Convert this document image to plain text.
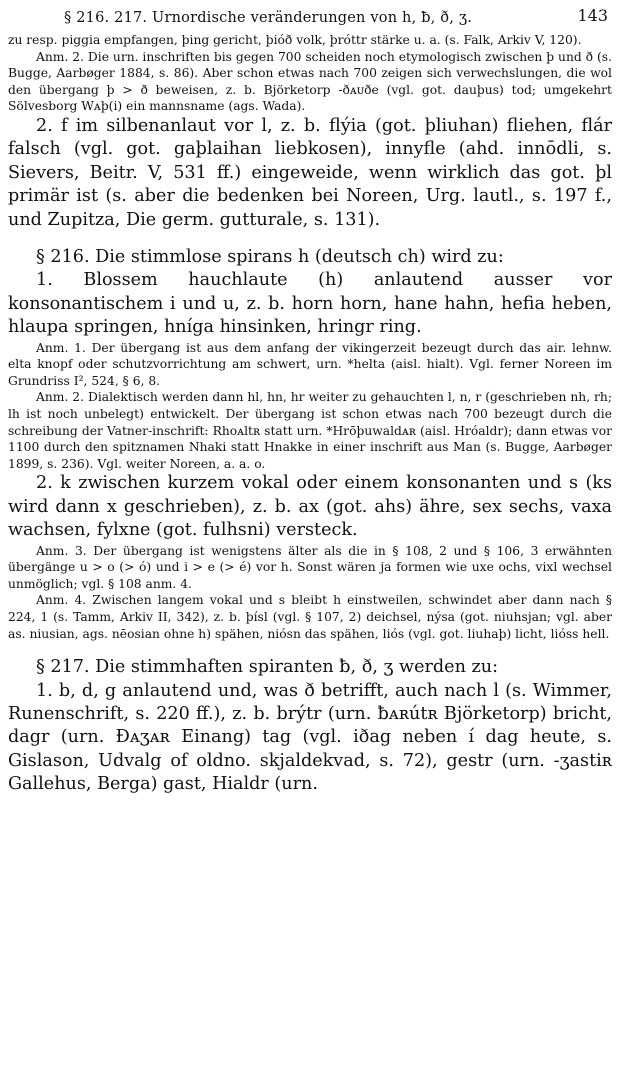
§ 216. 217. Urnordische veränderungen von h, ƀ, ð, ʒ.	143

zu resp. piggia empfangen, þing gericht, þióð volk, þróttr stärke u. a. (s. Falk, Arkiv V, 120).

Anm. 2. Die urn. inschriften bis gegen 700 scheiden noch etymologisch zwischen þ und ð (s. Bugge, Aarbøger 1884, s. 86). Aber schon etwas nach 700 zeigen sich verwechslungen, die wol den übergang þ > ð beweisen, z. b. Björketorp -ðᴀᴜðe (vgl. got. dauþus) tod; umgekehrt Sölvesborg Wᴀþ(i) ein mannsname (ags. Wada).

2. f im silbenanlaut vor l, z. b. flýia (got. þliuhan) fliehen, flár falsch (vgl. got. gaþlaihan liebkosen), innyfle (ahd. innōdli, s. Sievers, Beitr. V, 531 ff.) eingeweide, wenn wirklich das got. þl primär ist (s. aber die bedenken bei Noreen, Urg. lautl., s. 197 f., und Zupitza, Die germ. gutturale, s. 131).

§ 216. Die stimmlose spirans h (deutsch ch) wird zu:

1. Blossem hauchlaute (h) anlautend ausser vor konsonantischem i und u, z. b. horn horn, hane hahn, hefia heben, hlaupa springen, hníga hinsinken, hringr ring.

Anm. 1. Der übergang ist aus dem anfang der vikingerzeit bezeugt durch das air. lehnw. elta knopf oder schutzvorrichtung am schwert, urn. *helta (aisl. hialt). Vgl. ferner Noreen im Grundriss I², 524, § 6, 8.

Anm. 2. Dialektisch werden dann hl, hn, hr weiter zu gehauchten l, n, r (geschrieben nh, rh; lh ist noch unbelegt) entwickelt. Der übergang ist schon etwas nach 700 bezeugt durch die schreibung der Vatner-inschrift: Rhoᴀltʀ statt urn. *Hrōþuwaldᴀʀ (aisl. Hróaldr); dann etwas vor 1100 durch den spitznamen Nhaki statt Hnakke in einer inschrift aus Man (s. Bugge, Aarbøger 1899, s. 236). Vgl. weiter Noreen, a. a. o.

2. k zwischen kurzem vokal oder einem konsonanten und s (ks wird dann x geschrieben), z. b. ax (got. ahs) ähre, sex sechs, vaxa wachsen, fylxne (got. fulhsni) versteck.

Anm. 3. Der übergang ist wenigstens älter als die in § 108, 2 und § 106, 3 erwähnten übergänge u > o (> ó) und i > e (> é) vor h. Sonst wären ja formen wie uxe ochs, vixl wechsel unmöglich; vgl. § 108 anm. 4.

Anm. 4. Zwischen langem vokal und s bleibt h einstweilen, schwindet aber dann nach § 224, 1 (s. Tamm, Arkiv II, 342), z. b. þísl (vgl. § 107, 2) deichsel, nýsa (got. niuhsjan; vgl. aber as. niusian, ags. nēosian ohne h) spähen, niósn das spähen, liós (vgl. got. liuhaþ) licht, lióss hell.

§ 217. Die stimmhaften spiranten ƀ, ð, ʒ werden zu:

1. b, d, g anlautend und, was ð betrifft, auch nach l (s. Wimmer, Runenschrift, s. 220 ff.), z. b. brýtr (urn. ƀᴀʀútʀ Björketorp) bricht, dagr (urn. Ðᴀʒᴀʀ Einang) tag (vgl. iðag neben í dag heute, s. Gislason, Udvalg of oldno. skjaldekvad, s. 72), gestr (urn. -ʒastiʀ Gallehus, Berga) gast, Hialdr (urn.
